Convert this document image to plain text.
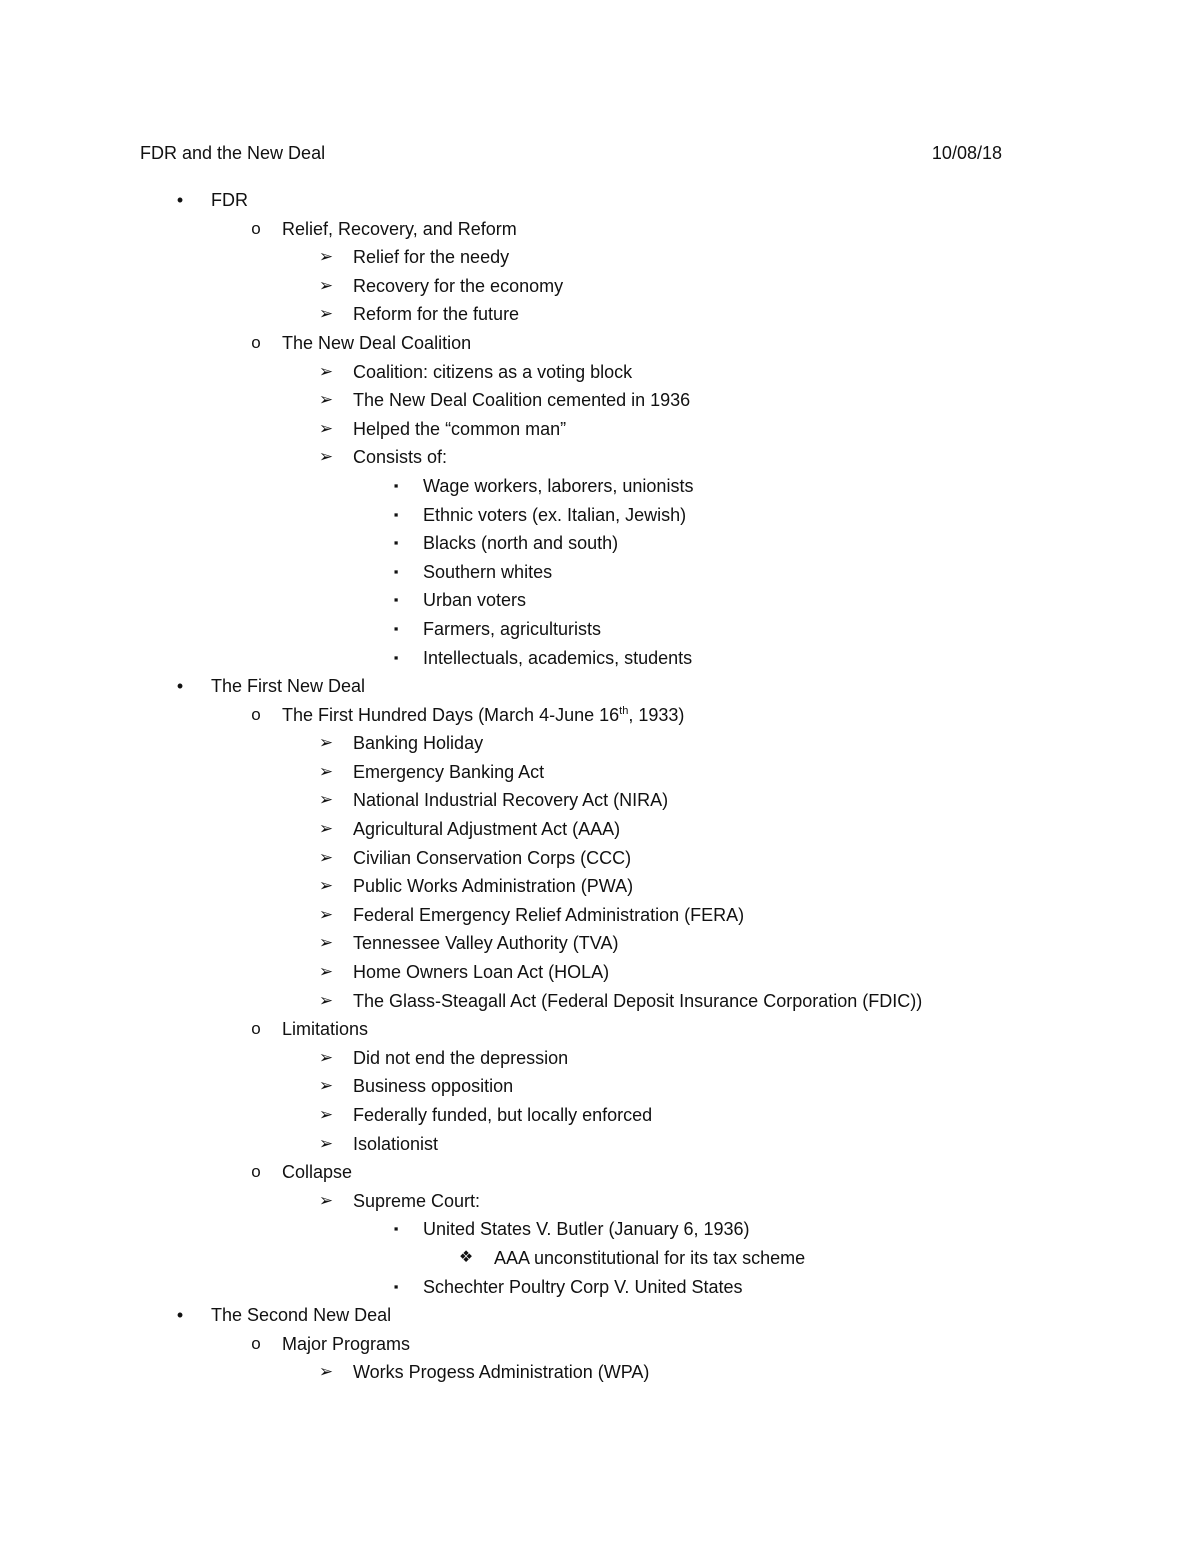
FDR and the New Deal	10/08/18
•	FDR
o Relief, Recovery, and Reform
➢ Relief for the needy
➢ Recovery for the economy
➢ Reform for the future
o The New Deal Coalition
➢ Coalition: citizens as a voting block
➢ The New Deal Coalition cemented in 1936
➢ Helped the “common man”
➢ Consists of:
▪	Wage workers, laborers, unionists
▪	Ethnic voters (ex. Italian, Jewish)
▪	Blacks (north and south)
▪	Southern whites
▪	Urban voters
▪	Farmers, agriculturists
▪	Intellectuals, academics, students
•	The First New Deal
o The First Hundred Days (March 4-June 16th, 1933)
➢ Banking Holiday
➢ Emergency Banking Act
➢ National Industrial Recovery Act (NIRA)
➢ Agricultural Adjustment Act (AAA)
➢ Civilian Conservation Corps (CCC)
➢ Public Works Administration (PWA)
➢ Federal Emergency Relief Administration (FERA)
➢ Tennessee Valley Authority (TVA)
➢ Home Owners Loan Act (HOLA)
➢ The Glass-Steagall Act (Federal Deposit Insurance Corporation (FDIC))
o Limitations
➢ Did not end the depression
➢ Business opposition
➢ Federally funded, but locally enforced
➢ Isolationist
o Collapse
➢ Supreme Court:
▪	United States V. Butler (January 6, 1936)
❖ AAA unconstitutional for its tax scheme
▪	Schechter Poultry Corp V. United States
•	The Second New Deal
o Major Programs
➢ Works Progess Administration (WPA)
